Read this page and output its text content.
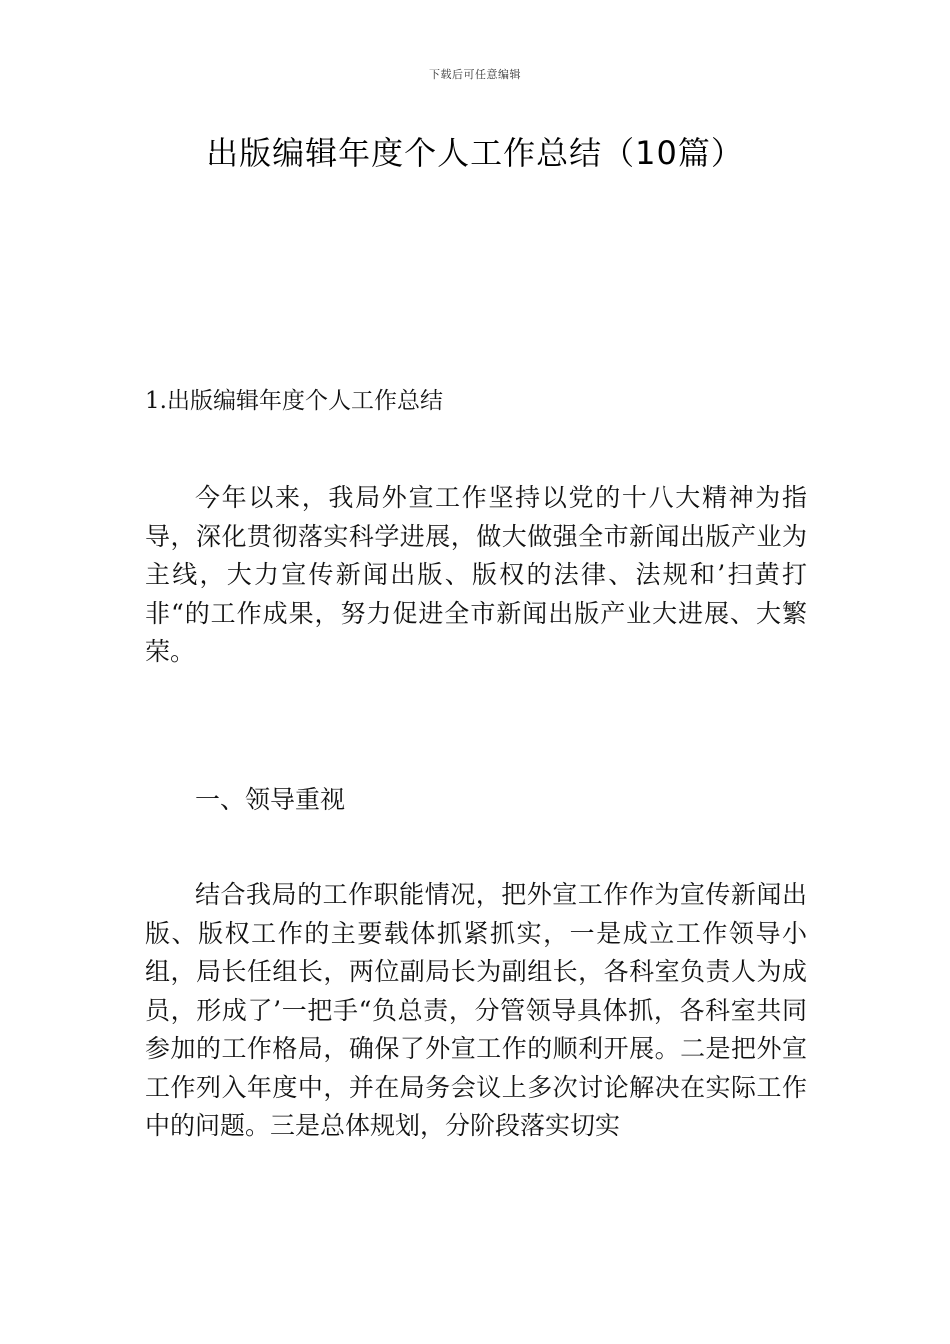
下载后可任意编辑
出版编辑年度个人工作总结（10篇）
1.出版编辑年度个人工作总结

今年以来，我局外宣工作坚持以党的十八大精神为指导，深化贯彻落实科学进展，做大做强全市新闻出版产业为主线，大力宣传新闻出版、版权的法律、法规和’扫黄打非“的工作成果，努力促进全市新闻出版产业大进展、大繁荣。

一、领导重视

结合我局的工作职能情况，把外宣工作作为宣传新闻出版、版权工作的主要载体抓紧抓实，一是成立工作领导小组，局长任组长，两位副局长为副组长，各科室负责人为成员，形成了’一把手“负总责，分管领导具体抓，各科室共同参加的工作格局，确保了外宣工作的顺利开展。二是把外宣工作列入年度中，并在局务会议上多次讨论解决在实际工作中的问题。三是总体规划，分阶段落实切实
